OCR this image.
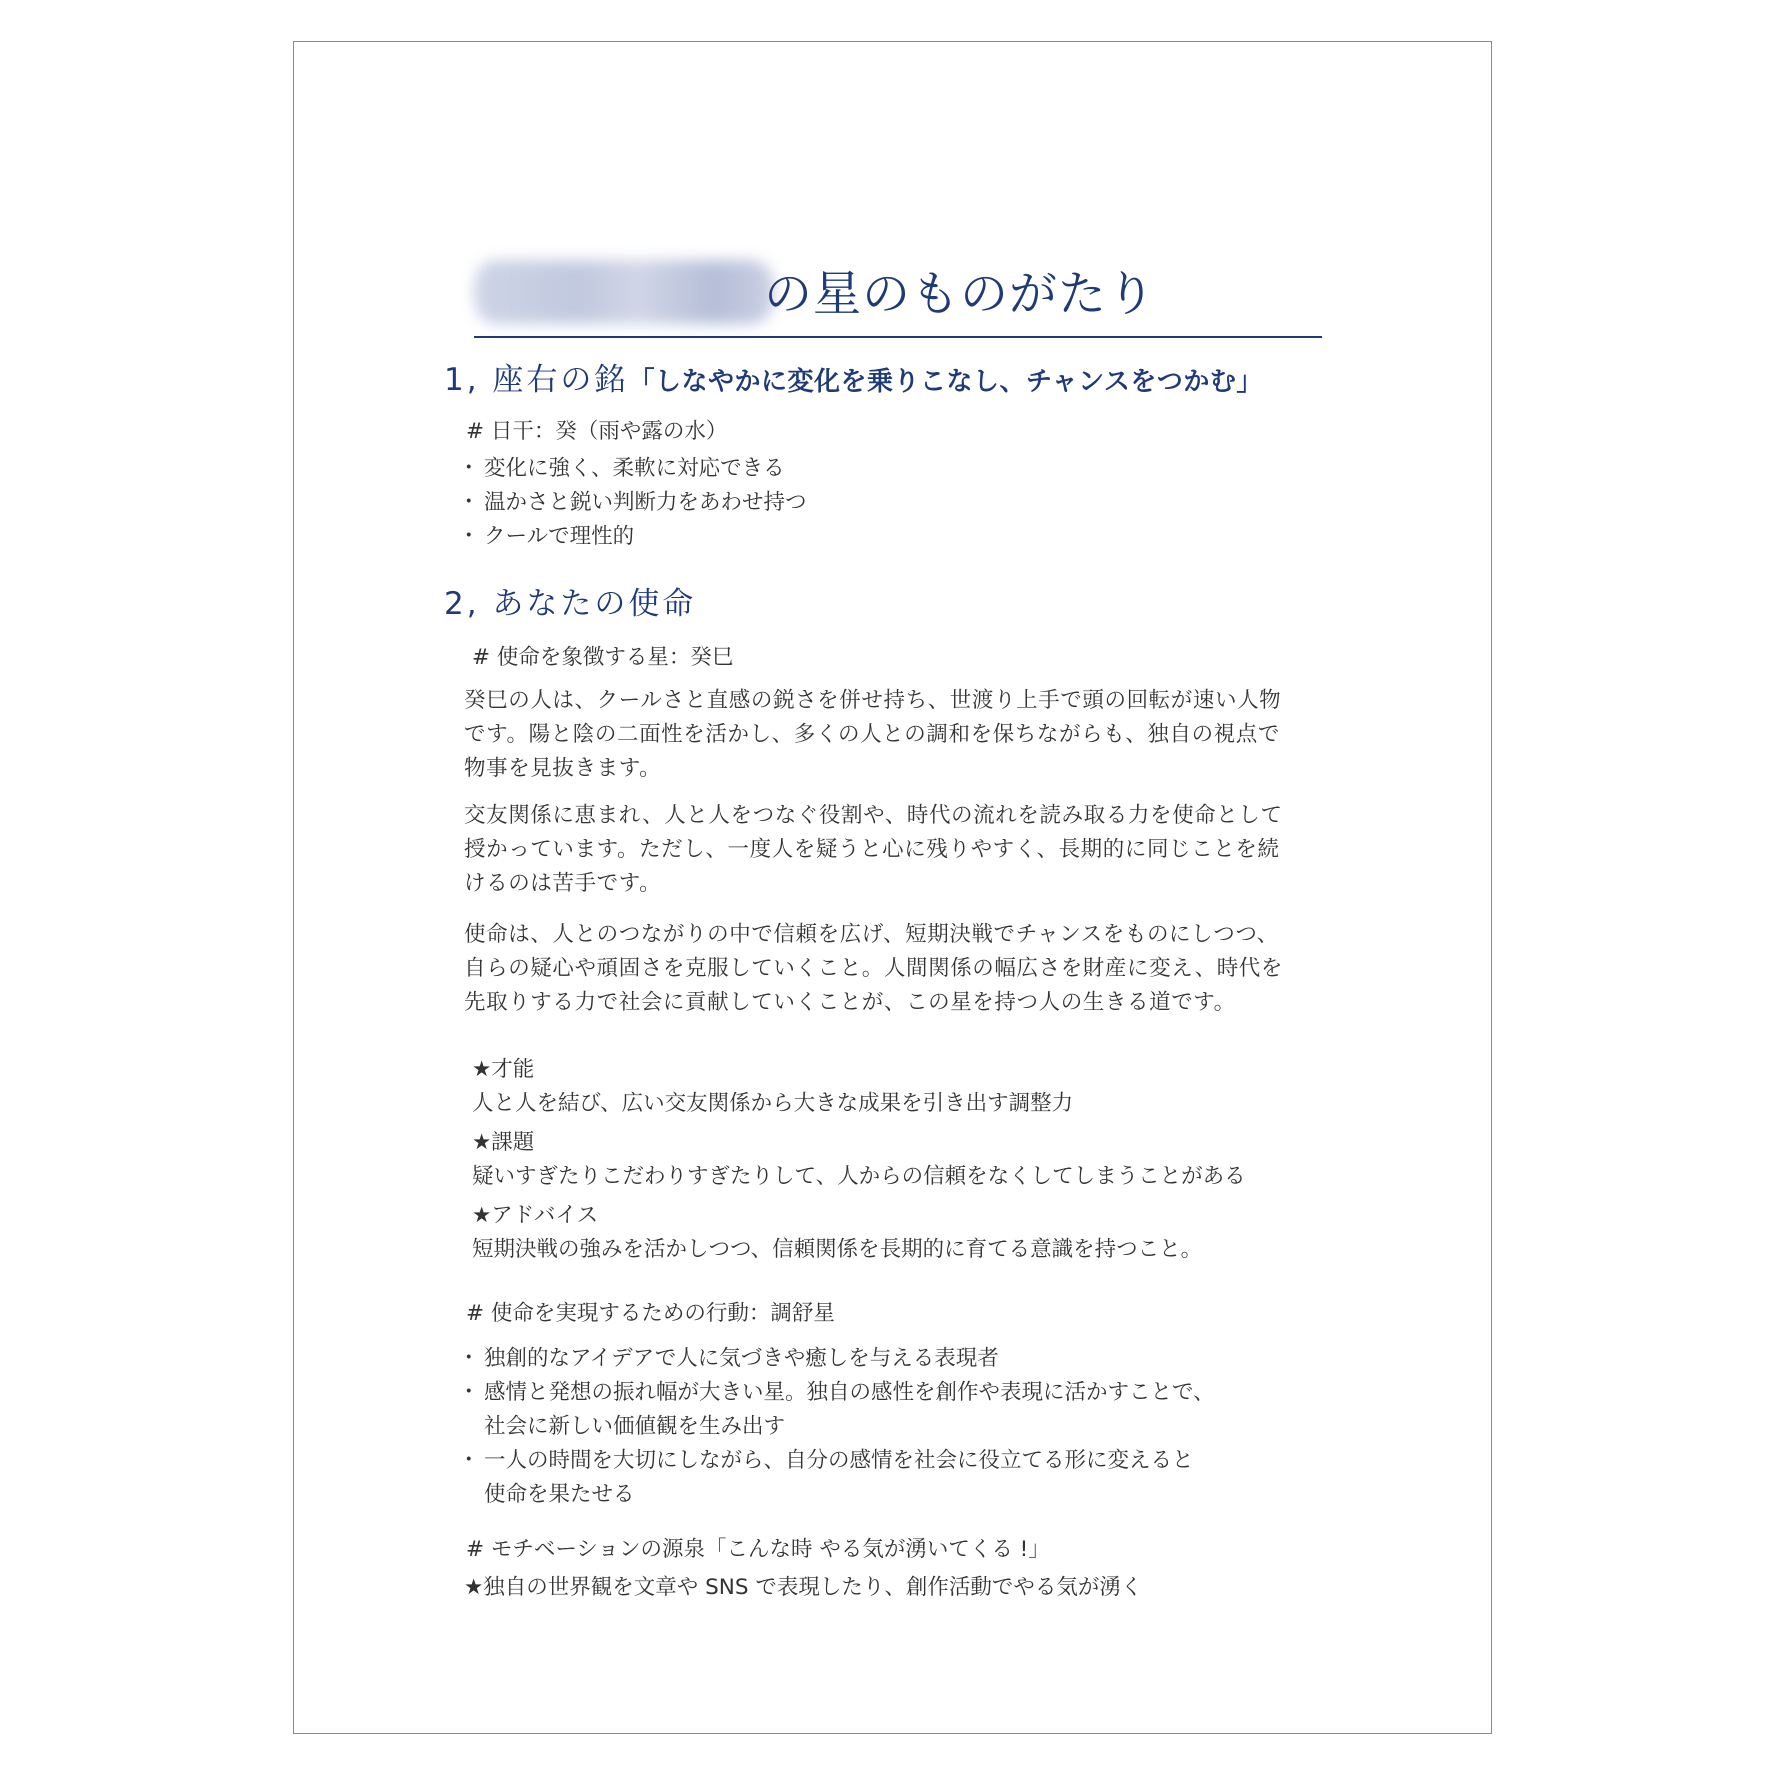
の星のものがたり
1, 座右の銘「しなやかに変化を乗りこなし、チャンスをつかむ」
# 日干：癸（雨や露の水）
・ 変化に強く、柔軟に対応できる
・ 温かさと鋭い判断力をあわせ持つ
・ クールで理性的
2, あなたの使命
# 使命を象徴する星：癸巳
癸巳の人は、クールさと直感の鋭さを併せ持ち、世渡り上手で頭の回転が速い人物
です。陽と陰の二面性を活かし、多くの人との調和を保ちながらも、独自の視点で
物事を見抜きます。
交友関係に恵まれ、人と人をつなぐ役割や、時代の流れを読み取る力を使命として
授かっています。ただし、一度人を疑うと心に残りやすく、長期的に同じことを続
けるのは苦手です。
使命は、人とのつながりの中で信頼を広げ、短期決戦でチャンスをものにしつつ、
自らの疑心や頑固さを克服していくこと。人間関係の幅広さを財産に変え、時代を
先取りする力で社会に貢献していくことが、この星を持つ人の生きる道です。
★才能
人と人を結び、広い交友関係から大きな成果を引き出す調整力
★課題
疑いすぎたりこだわりすぎたりして、人からの信頼をなくしてしまうことがある
★アドバイス
短期決戦の強みを活かしつつ、信頼関係を長期的に育てる意識を持つこと。
# 使命を実現するための行動：調舒星
・ 独創的なアイデアで人に気づきや癒しを与える表現者
・ 感情と発想の振れ幅が大きい星。独自の感性を創作や表現に活かすことで、
社会に新しい価値観を生み出す
・ 一人の時間を大切にしながら、自分の感情を社会に役立てる形に変えると
使命を果たせる
# モチベーションの源泉「こんな時 やる気が湧いてくる !」
★独自の世界観を文章や SNS で表現したり、創作活動でやる気が湧く
